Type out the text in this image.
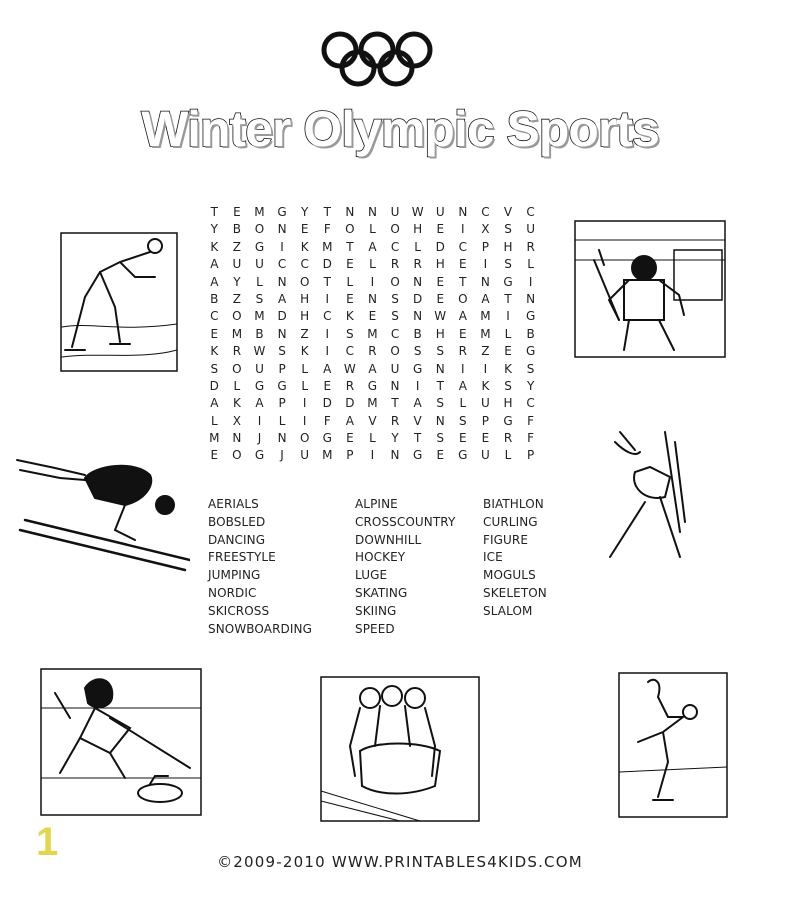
Winter Olympic Sports
T	E	M	G	Y	T	N	N	U	W	U	N	C	V	C
Y	B	O	N	E	F	O	L	O	H	E	I	X	S	U
K	Z	G	I	K	M	T	A	C	L	D	C	P	H	R
A	U	U	C	C	D	E	L	R	R	H	E	I	S	L
A	Y	L	N	O	T	L	I	O	N	E	T	N	G	I
B	Z	S	A	H	I	E	N	S	D	E	O	A	T	N
C	O	M	D	H	C	K	E	S	N	W	A	M	I	G
E	M	B	N	Z	I	S	M	C	B	H	E	M	L	B
K	R	W	S	K	I	C	R	O	S	S	R	Z	E	G
S	O	U	P	L	A	W	A	U	G	N	I	I	K	S
D	L	G	G	L	E	R	G	N	I	T	A	K	S	Y
A	K	A	P	I	D	D	M	T	A	S	L	U	H	C
L	X	I	L	I	F	A	V	R	V	N	S	P	G	F
M	N	J	N	O	G	E	L	Y	T	S	E	E	R	F
E	O	G	J	U	M	P	I	N	G	E	G	U	L	P
AERIALS	ALPINE	BIATHLON
BOBSLED	CROSSCOUNTRY	CURLING
DANCING	DOWNHILL	FIGURE
FREESTYLE	HOCKEY	ICE
JUMPING	LUGE	MOGULS
NORDIC	SKATING	SKELETON
SKICROSS	SKIING	SLALOM
SNOWBOARDING	SPEED
1	©2009-2010 WWW.PRINTABLES4KIDS.COM
